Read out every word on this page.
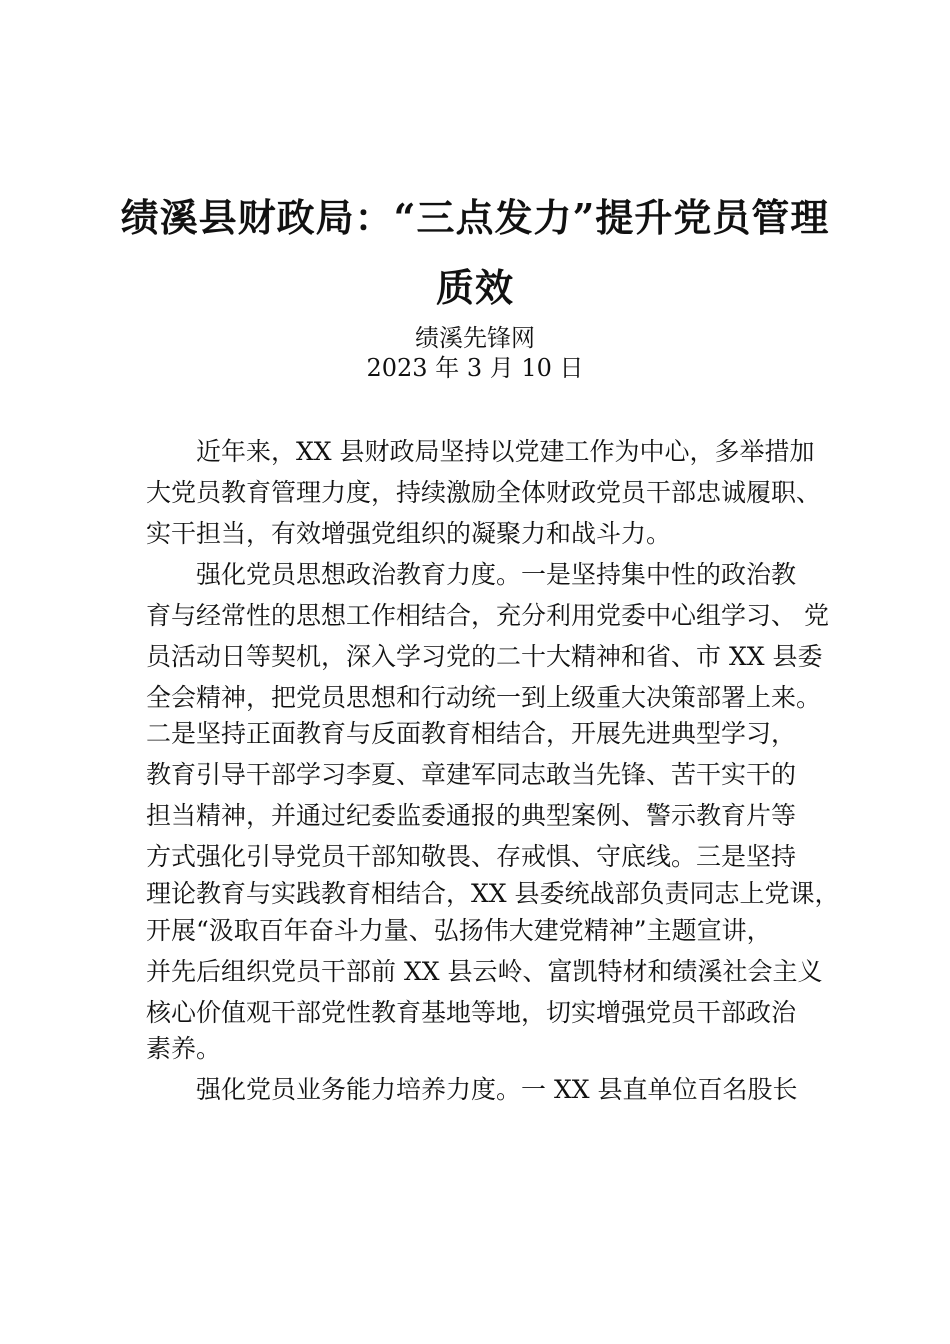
绩溪县财政局：“三点发力”提升党员管理
质效
绩溪先锋网
2023 年 3 月 10 日
近年来，XX 县财政局坚持以党建工作为中心，多举措加
大党员教育管理力度，持续激励全体财政党员干部忠诚履职、
实干担当，有效增强党组织的凝聚力和战斗力。
强化党员思想政治教育力度。一是坚持集中性的政治教
育与经常性的思想工作相结合，充分利用党委中心组学习、 党
员活动日等契机，深入学习党的二十大精神和省、市 XX 县委
全会精神，把党员思想和行动统一到上级重大决策部署上来。
二是坚持正面教育与反面教育相结合，开展先进典型学习，
教育引导干部学习李夏、章建军同志敢当先锋、苦干实干的
担当精神，并通过纪委监委通报的典型案例、警示教育片等
方式强化引导党员干部知敬畏、存戒惧、守底线。三是坚持
理论教育与实践教育相结合，XX 县委统战部负责同志上党课，
开展“汲取百年奋斗力量、弘扬伟大建党精神”主题宣讲，
并先后组织党员干部前 XX 县云岭、富凯特材和绩溪社会主义
核心价值观干部党性教育基地等地，切实增强党员干部政治
素养。
强化党员业务能力培养力度。一 XX 县直单位百名股长
